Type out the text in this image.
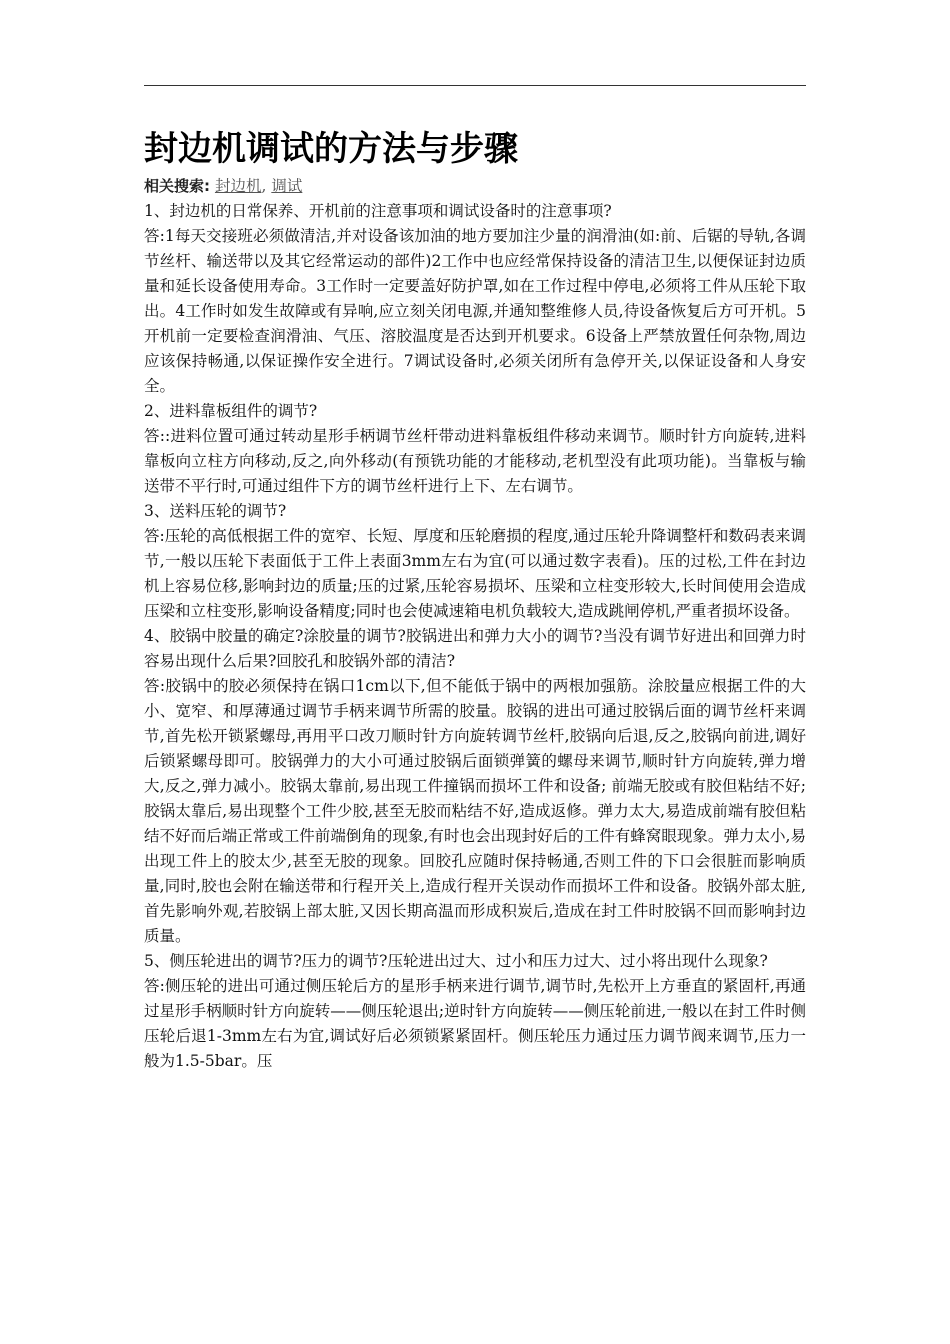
封边机调试的方法与步骤

相关搜索: 封边机, 调试

1、封边机的日常保养、开机前的注意事项和调试设备时的注意事项?

答:1每天交接班必须做清洁,并对设备该加油的地方要加注少量的润滑油(如:前、后锯的导轨,各调节丝杆、输送带以及其它经常运动的部件)2工作中也应经常保持设备的清洁卫生,以便保证封边质量和延长设备使用寿命。3工作时一定要盖好防护罩,如在工作过程中停电,必须将工件从压轮下取出。4工作时如发生故障或有异响,应立刻关闭电源,并通知整维修人员,待设备恢复后方可开机。5开机前一定要检查润滑油、气压、溶胶温度是否达到开机要求。6设备上严禁放置任何杂物,周边应该保持畅通,以保证操作安全进行。7调试设备时,必须关闭所有急停开关,以保证设备和人身安全。

2、进料靠板组件的调节?

答::进料位置可通过转动星形手柄调节丝杆带动进料靠板组件移动来调节。顺时针方向旋转,进料靠板向立柱方向移动,反之,向外移动(有预铣功能的才能移动,老机型没有此项功能)。当靠板与输送带不平行时,可通过组件下方的调节丝杆进行上下、左右调节。

3、送料压轮的调节?

答:压轮的高低根据工件的宽窄、长短、厚度和压轮磨损的程度,通过压轮升降调整杆和数码表来调节,一般以压轮下表面低于工件上表面3mm左右为宜(可以通过数字表看)。压的过松,工件在封边机上容易位移,影响封边的质量;压的过紧,压轮容易损坏、压梁和立柱变形较大,长时间使用会造成压梁和立柱变形,影响设备精度;同时也会使减速箱电机负载较大,造成跳闸停机,严重者损坏设备。

4、胶锅中胶量的确定?涂胶量的调节?胶锅进出和弹力大小的调节?当没有调节好进出和回弹力时容易出现什么后果?回胶孔和胶锅外部的清洁?

答:胶锅中的胶必须保持在锅口1cm以下,但不能低于锅中的两根加强筋。涂胶量应根据工件的大小、宽窄、和厚薄通过调节手柄来调节所需的胶量。胶锅的进出可通过胶锅后面的调节丝杆来调节,首先松开锁紧螺母,再用平口改刀顺时针方向旋转调节丝杆,胶锅向后退,反之,胶锅向前进,调好后锁紧螺母即可。胶锅弹力的大小可通过胶锅后面锁弹簧的螺母来调节,顺时针方向旋转,弹力增大,反之,弹力减小。胶锅太靠前,易出现工件撞锅而损坏工件和设备; 前端无胶或有胶但粘结不好; 胶锅太靠后,易出现整个工件少胶,甚至无胶而粘结不好,造成返修。弹力太大,易造成前端有胶但粘结不好而后端正常或工件前端倒角的现象,有时也会出现封好后的工件有蜂窝眼现象。弹力太小,易出现工件上的胶太少,甚至无胶的现象。回胶孔应随时保持畅通,否则工件的下口会很脏而影响质量,同时,胶也会附在输送带和行程开关上,造成行程开关误动作而损坏工件和设备。胶锅外部太脏,首先影响外观,若胶锅上部太脏,又因长期高温而形成积炭后,造成在封工件时胶锅不回而影响封边质量。

5、侧压轮进出的调节?压力的调节?压轮进出过大、过小和压力过大、过小将出现什么现象?

答:侧压轮的进出可通过侧压轮后方的星形手柄来进行调节,调节时,先松开上方垂直的紧固杆,再通过星形手柄顺时针方向旋转——侧压轮退出;逆时针方向旋转——侧压轮前进,一般以在封工件时侧压轮后退1-3mm左右为宜,调试好后必须锁紧紧固杆。侧压轮压力通过压力调节阀来调节,压力一般为1.5-5bar。压
